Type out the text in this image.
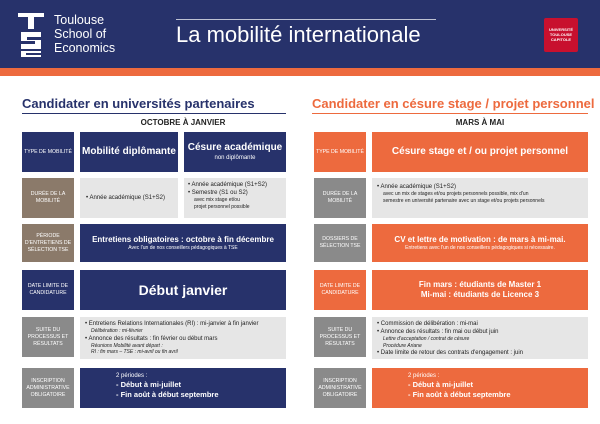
Toulouse
School of
Economics
La mobilité internationale	UNIVERSITÉ TOULOUSE CAPITOLE
Candidater en universités partenaires
OCTOBRE À JANVIER
Candidater en césure stage / projet personnel
MARS À MAI
TYPE DE MOBILITÉ Mobilité diplômante Césure académique
non diplômante
DURÉE DE LA MOBILITÉ
•	Année académique (S1+S2)
• Année académique (S1+S2)
• Semestre (S1 ou S2)
avec mix stage et/ou
projet personnel possible
PÉRIODE D'ENTRETIENS DE SÉLECTION TSE
Entretiens obligatoires : octobre à fin décembre
Avec l'un de nos conseillers pédagogiques à TSE
DATE LIMITE DE CANDIDATURE	Début janvier
SUITE DU PROCESSUS ET RÉSULTATS
• Entretiens Relations Internationales (RI) : mi-janvier à fin janvier
Délibération : mi-février
• Annonce des résultats : fin février ou début mars
Réunions Mobilité avant départ :
RI : fin mars – TSE : mi-avril ou fin avril
INSCRIPTION ADMINISTRATIVE OBLIGATOIRE
2 périodes :
- Début à mi-juillet
- Fin août à début septembre
TYPE DE MOBILITÉ	Césure stage et / ou projet personnel
DURÉE DE LA MOBILITÉ
• Année académique (S1+S2)
avec un mix de stages et/ou projets personnels possible, mix d'un
semestre en université partenaire avec un stage et/ou projets personnels
DOSSIERS DE SÉLECTION TSE
CV et lettre de motivation : de mars à mi-mai.
Entretiens avec l'un de nos conseillers pédagogiques si nécessaire.
DATE LIMITE DE CANDIDATURE
Fin mars : étudiants de Master 1
Mi-mai : étudiants de Licence 3
SUITE DU PROCESSUS ET RÉSULTATS
• Commission de délibération : mi-mai
• Annonce des résultats : fin mai ou début juin
Lettre d'acceptation / contrat de césure
Procédure Ariane
• Date limite de retour des contrats d'engagement : juin
INSCRIPTION ADMINISTRATIVE OBLIGATOIRE
2 périodes :
- Début à mi-juillet
- Fin août à début septembre
